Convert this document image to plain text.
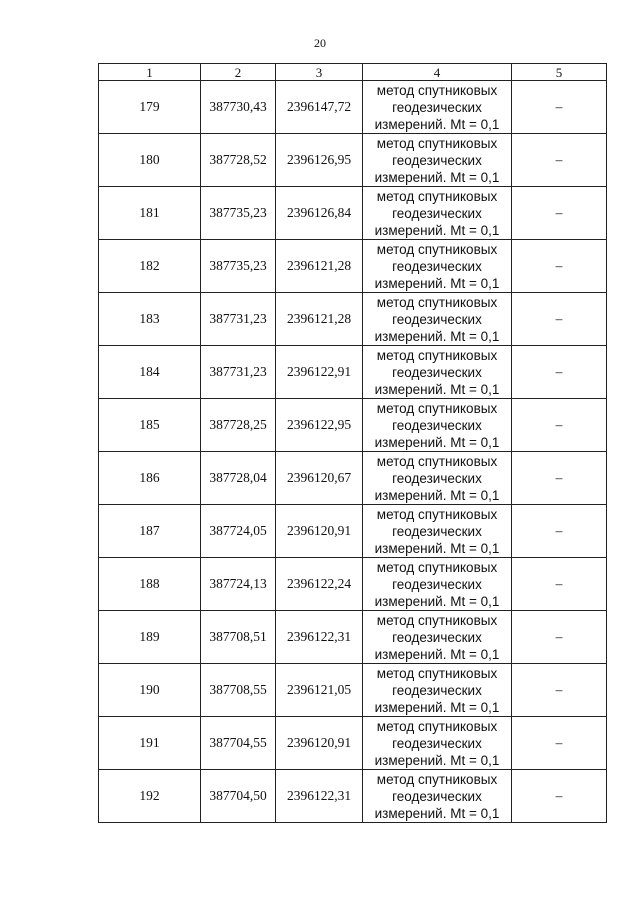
20
1	2	3	4	5
179	387730,43	2396147,72	метод спутниковых
геодезических
измерений. Mt = 0,1	–
180	387728,52	2396126,95	метод спутниковых
геодезических
измерений. Mt = 0,1	–
181	387735,23	2396126,84	метод спутниковых
геодезических
измерений. Mt = 0,1	–
182	387735,23	2396121,28	метод спутниковых
геодезических
измерений. Mt = 0,1	–
183	387731,23	2396121,28	метод спутниковых
геодезических
измерений. Mt = 0,1	–
184	387731,23	2396122,91	метод спутниковых
геодезических
измерений. Mt = 0,1	–
185	387728,25	2396122,95	метод спутниковых
геодезических
измерений. Mt = 0,1	–
186	387728,04	2396120,67	метод спутниковых
геодезических
измерений. Mt = 0,1	–
187	387724,05	2396120,91	метод спутниковых
геодезических
измерений. Mt = 0,1	–
188	387724,13	2396122,24	метод спутниковых
геодезических
измерений. Mt = 0,1	–
189	387708,51	2396122,31	метод спутниковых
геодезических
измерений. Mt = 0,1	–
190	387708,55	2396121,05	метод спутниковых
геодезических
измерений. Mt = 0,1	–
191	387704,55	2396120,91	метод спутниковых
геодезических
измерений. Mt = 0,1	–
192	387704,50	2396122,31	метод спутниковых
геодезических
измерений. Mt = 0,1	–
